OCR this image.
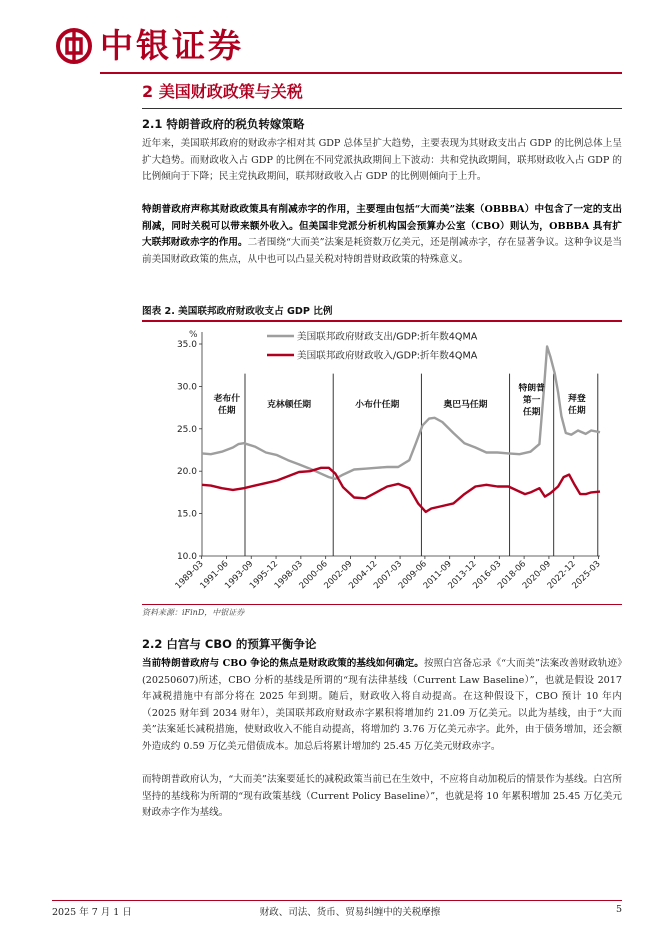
中银证券
2 美国财政政策与关税
2.1 特朗普政府的税负转嫁策略
近年来，美国联邦政府的财政赤字相对其 GDP 总体呈扩大趋势，主要表现为其财政支出占 GDP 的比例总体上呈扩大趋势。而财政收入占 GDP 的比例在不同党派执政期间上下波动：共和党执政期间，联邦财政收入占 GDP 的比例倾向于下降；民主党执政期间，联邦财政收入占 GDP 的比例则倾向于上升。
特朗普政府声称其财政政策具有削减赤字的作用，主要理由包括“大而美”法案（OBBBA）中包含了一定的支出削减，同时关税可以带来额外收入。但美国非党派分析机构国会预算办公室（CBO）则认为，OBBBA 具有扩大联邦财政赤字的作用。二者围绕“大而美”法案是耗资数万亿美元，还是削减赤字，存在显著争议。这种争议是当前美国财政政策的焦点，从中也可以凸显关税对特朗普财政政策的特殊意义。
图表 2. 美国联邦政府财政收支占 GDP 比例
%
10.0
15.0
20.0
25.0
30.0
35.0
1989-03
1991-06
1993-09
1995-12
1998-03
2000-06
2002-09
2004-12
2007-03
2009-06
2011-09
2013-12
2016-03
2018-06
2020-09
2022-12
2025-03
老布什
任期
克林顿任期	小布什任期	奥巴马任期
特朗普
第一
任期
拜登
任期
美国联邦政府财政支出/GDP:折年数4QMA
美国联邦政府财政收入/GDP:折年数4QMA
资料来源：iFinD，中银证券
2.2 白宫与 CBO 的预算平衡争论
当前特朗普政府与 CBO 争论的焦点是财政政策的基线如何确定。按照白宫备忘录《“大而美”法案改善财政轨迹》(20250607)所述，CBO 分析的基线是所谓的“现有法律基线（Current Law Baseline）”，也就是假设 2017 年减税措施中有部分将在 2025 年到期。随后，财政收入将自动提高。在这种假设下，CBO 预计 10 年内（2025 财年到 2034 财年），美国联邦政府财政赤字累积将增加约 21.09 万亿美元。以此为基线，由于“大而美”法案延长减税措施，使财政收入不能自动提高，将增加约 3.76 万亿美元赤字。此外，由于债务增加，还会额外造成约 0.59 万亿美元借债成本。加总后将累计增加约 25.45 万亿美元财政赤字。
而特朗普政府认为，“大而美”法案要延长的减税政策当前已在生效中，不应将自动加税后的情景作为基线。白宫所坚持的基线称为所谓的“现有政策基线（Current Policy Baseline）”，也就是将 10 年累积增加 25.45 万亿美元财政赤字作为基线。
2025 年 7 月 1 日	财政、司法、货币、贸易纠缠中的关税摩擦	5
